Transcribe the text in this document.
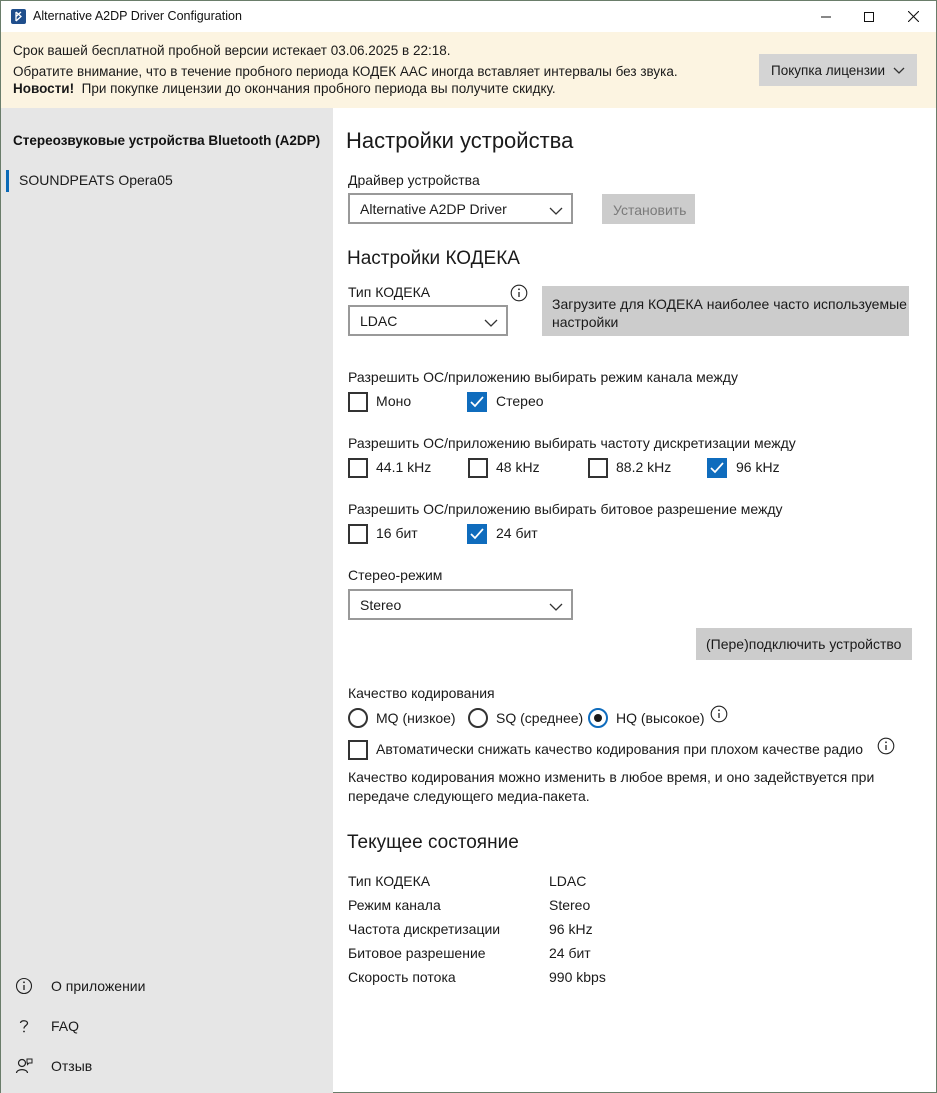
Alternative A2DP Driver Configuration
Срок вашей бесплатной пробной версии истекает 03.06.2025 в 22:18.
Обратите внимание, что в течение пробного периода КОДЕК AAC иногда вставляет интервалы без звука.
Новости! При покупке лицензии до окончания пробного периода вы получите скидку.
Покупка лицензии
Стереозвуковые устройства Bluetooth (A2DP)
SOUNDPEATS Opera05
О приложении
FAQ
Отзыв
Настройки устройства
Драйвер устройства
Alternative A2DP Driver	Установить
Настройки КОДЕКА
Тип КОДЕКА
LDAC
Загрузите для КОДЕКА наиболее часто используемые
настройки
Разрешить ОС/приложению выбирать режим канала между
Моно	Стерео
Разрешить ОС/приложению выбирать частоту дискретизации между
44.1 kHz	48 kHz	88.2 kHz	96 kHz
Разрешить ОС/приложению выбирать битовое разрешение между
16 бит	24 бит
Стерео-режим
Stereo
(Пере)подключить устройство
Качество кодирования
MQ (низкое)	SQ (среднее) HQ (высокое)
Автоматически снижать качество кодирования при плохом качестве радио
Качество кодирования можно изменить в любое время, и оно задействуется при
передаче следующего медиа-пакета.
Текущее состояние
Тип КОДЕКА	LDAC
Режим канала	Stereo
Частота дискретизации	96 kHz
Битовое разрешение	24 бит
Скорость потока	990 kbps
